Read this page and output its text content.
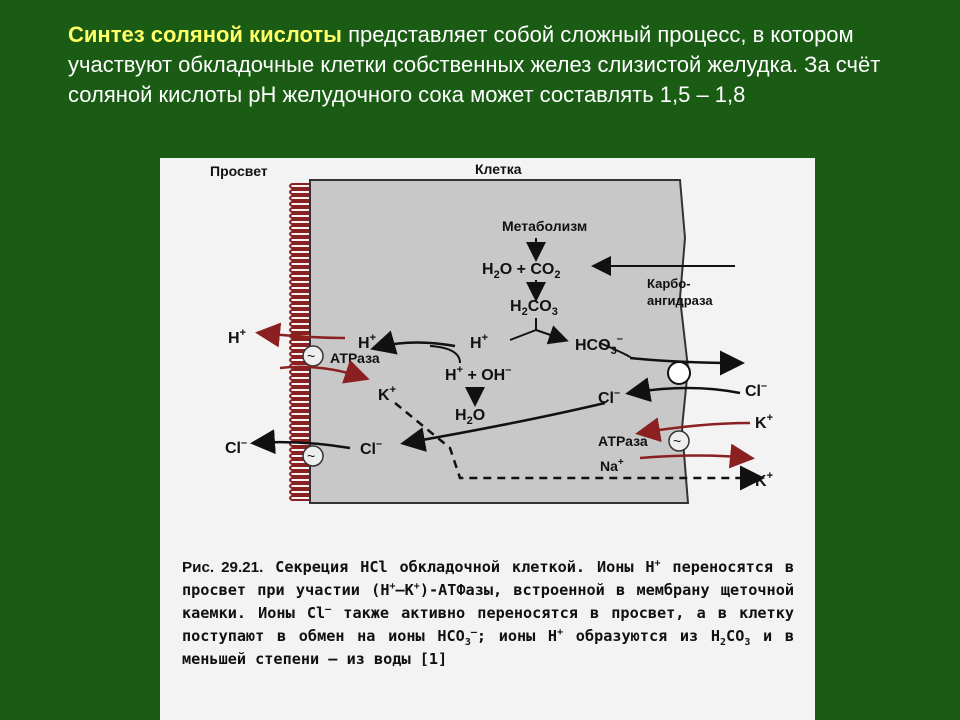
Синтез соляной кислоты представляет собой сложный процесс, в котором участвуют обкладочные клетки собственных желез слизистой желудка. За счёт соляной кислоты рН желудочного сока может составлять 1,5 – 1,8
Просвет	Клетка
Метаболизм
$H_2O + CO_2$
Карбо-
ангидраза
$H_2CO_3$
H+	$HCO_3^-$
H+ + OH–
$H_2O$
H+
~ АТРаза
H+
K+
~	Cl–
Cl–
Cl–
K+
Cl–
~
АТРаза
Na+
K+
Рис. 29.21. Секреция HCl обкладочной клеткой. Ионы H+ переносятся в просвет при участии (H+–K+)-АТФазы, встроенной в мембрану щеточной каемки. Ионы Cl– также активно переносятся в просвет, а в клетку поступают в обмен на ионы $HCO_3^-$; ионы H+ образуются из $H_2CO_3$ и в меньшей степени – из воды [1]
